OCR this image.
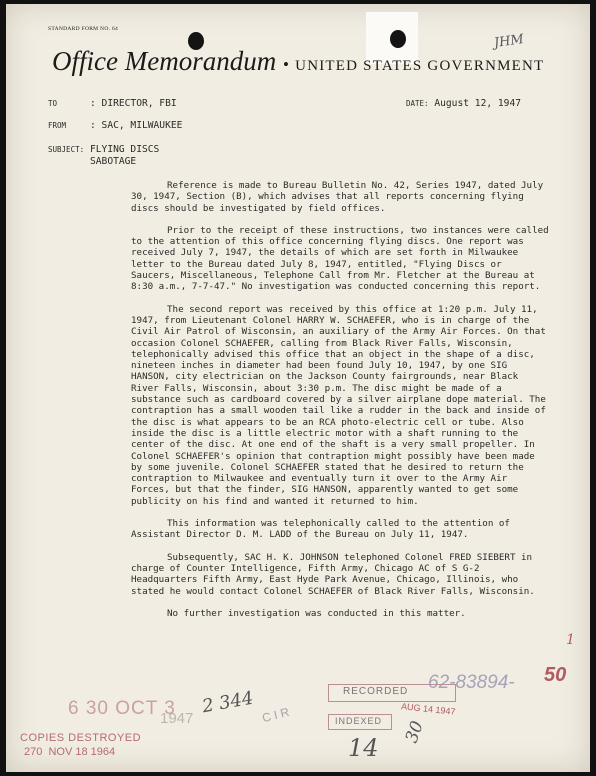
STANDARD FORM NO. 64
JHM
Office Memorandum • UNITED STATES GOVERNMENT
TO	: DIRECTOR, FBI	DATE: August 12, 1947
FROM : SAC, MILWAUKEE
SUBJECT: FLYING DISCS
SABOTAGE

Reference is made to Bureau Bulletin No. 42, Series 1947, dated July 30, 1947, Section (B), which advises that all reports concerning flying discs should be investigated by field offices.

Prior to the receipt of these instructions, two instances were called to the attention of this office concerning flying discs. One report was received July 7, 1947, the details of which are set forth in Milwaukee letter to the Bureau dated July 8, 1947, entitled, "Flying Discs or Saucers, Miscellaneous, Telephone Call from Mr. Fletcher at the Bureau at 8:30 a.m., 7-7-47." No investigation was conducted concerning this report.

The second report was received by this office at 1:20 p.m. July 11, 1947, from Lieutenant Colonel HARRY W. SCHAEFER, who is in charge of the Civil Air Patrol of Wisconsin, an auxiliary of the Army Air Forces. On that occasion Colonel SCHAEFER, calling from Black River Falls, Wisconsin, telephonically advised this office that an object in the shape of a disc, nineteen inches in diameter had been found July 10, 1947, by one SIG HANSON, city electrician on the Jackson County fairgrounds, near Black River Falls, Wisconsin, about 3:30 p.m. The disc might be made of a substance such as cardboard covered by a silver airplane dope material. The contraption has a small wooden tail like a rudder in the back and inside of the disc is what appears to be an RCA photo-electric cell or tube. Also inside the disc is a little electric motor with a shaft running to the center of the disc. At one end of the shaft is a very small propeller. In Colonel SCHAEFER's opinion that contraption might possibly have been made by some juvenile. Colonel SCHAEFER stated that he desired to return the contraption to Milwaukee and eventually turn it over to the Army Air Forces, but that the finder, SIG HANSON, apparently wanted to get some publicity on his find and wanted it returned to him.

This information was telephonically called to the attention of Assistant Director D. M. LADD of the Bureau on July 11, 1947.

Subsequently, SAC H. K. JOHNSON telephoned Colonel FRED SIEBERT in charge of Counter Intelligence, Fifth Army, Chicago AC of S G-2 Headquarters Fifth Army, East Hyde Park Avenue, Chicago, Illinois, who stated he would contact Colonel SCHAEFER of Black River Falls, Wisconsin.

No further investigation was conducted in this matter.

1
62-83894- 50
RECORDED
AUG 14 1947
INDEXED
6 30 OCT 3
1947
2 344 C I R
14
30
COPIES DESTROYED
270  NOV 18 1964
